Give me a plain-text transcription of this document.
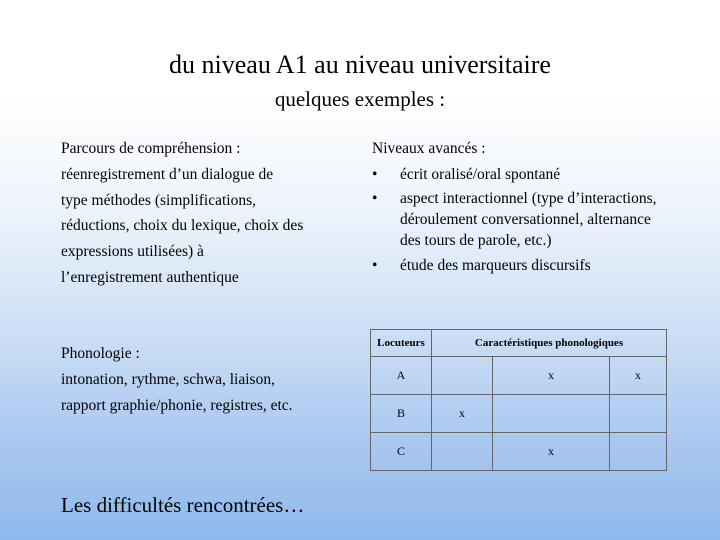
du niveau A1 au niveau universitaire
quelques exemples :
Parcours de compréhension :
réenregistrement d’un dialogue de
type méthodes (simplifications,
réductions, choix du lexique, choix des
expressions utilisées) à
l’enregistrement authentique
Phonologie :
intonation, rythme, schwa, liaison,
rapport graphie/phonie, registres, etc.
Niveaux avancés :
• écrit oralisé/oral spontané
• aspect interactionnel (type d’interactions, déroulement conversationnel, alternance des tours de parole, etc.)
• étude des marqueurs discursifs
Locuteurs	Caractéristiques phonologiques		
A		x	x
B	x		
C		x	
Les difficultés rencontrées…
